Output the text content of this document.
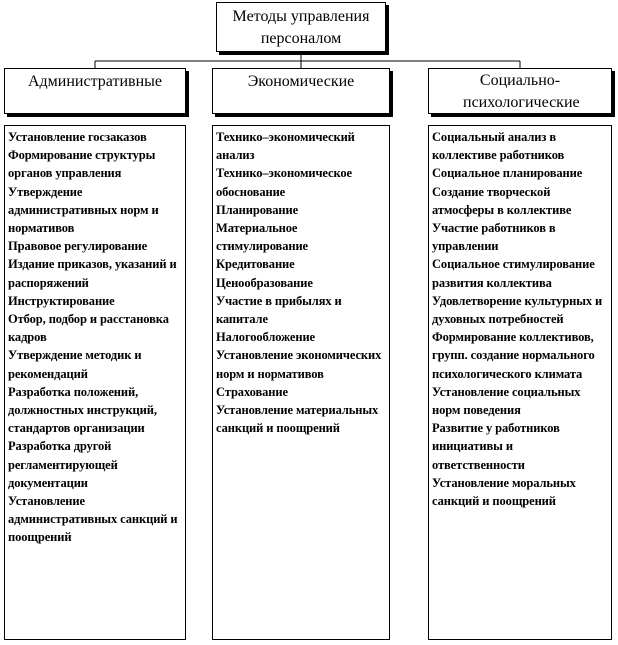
Методы управления персоналом
Административные	Экономические	Социально-психологические
Установление госзаказов
Формирование структуры органов управления
Утверждение административных норм и нормативов
Правовое регулирование
Издание приказов, указаний и распоряжений
Инструктирование
Отбор, подбор и расстановка кадров
Утверждение методик и рекомендаций
Разработка положений, должностных инструкций, стандартов организации
Разработка другой регламентирующей документации
Установление административных санкций и поощрений
Технико–экономический анализ
Технико–экономическое обоснование
Планирование
Материальное стимулирование
Кредитование
Ценообразование
Участие в прибылях и капитале
Налогообложение
Установление экономических норм и нормативов
Страхование
Установление материальных санкций и поощрений
Социальный анализ в коллективе работников
Социальное планирование
Создание творческой атмосферы в коллективе
Участие работников в управлении
Социальное стимулирование развития коллектива
Удовлетворение культурных и духовных потребностей
Формирование коллективов, групп. создание нормального психологического климата
Установление социальных норм поведения
Развитие у работников инициативы и ответственности
Установление моральных санкций и поощрений
